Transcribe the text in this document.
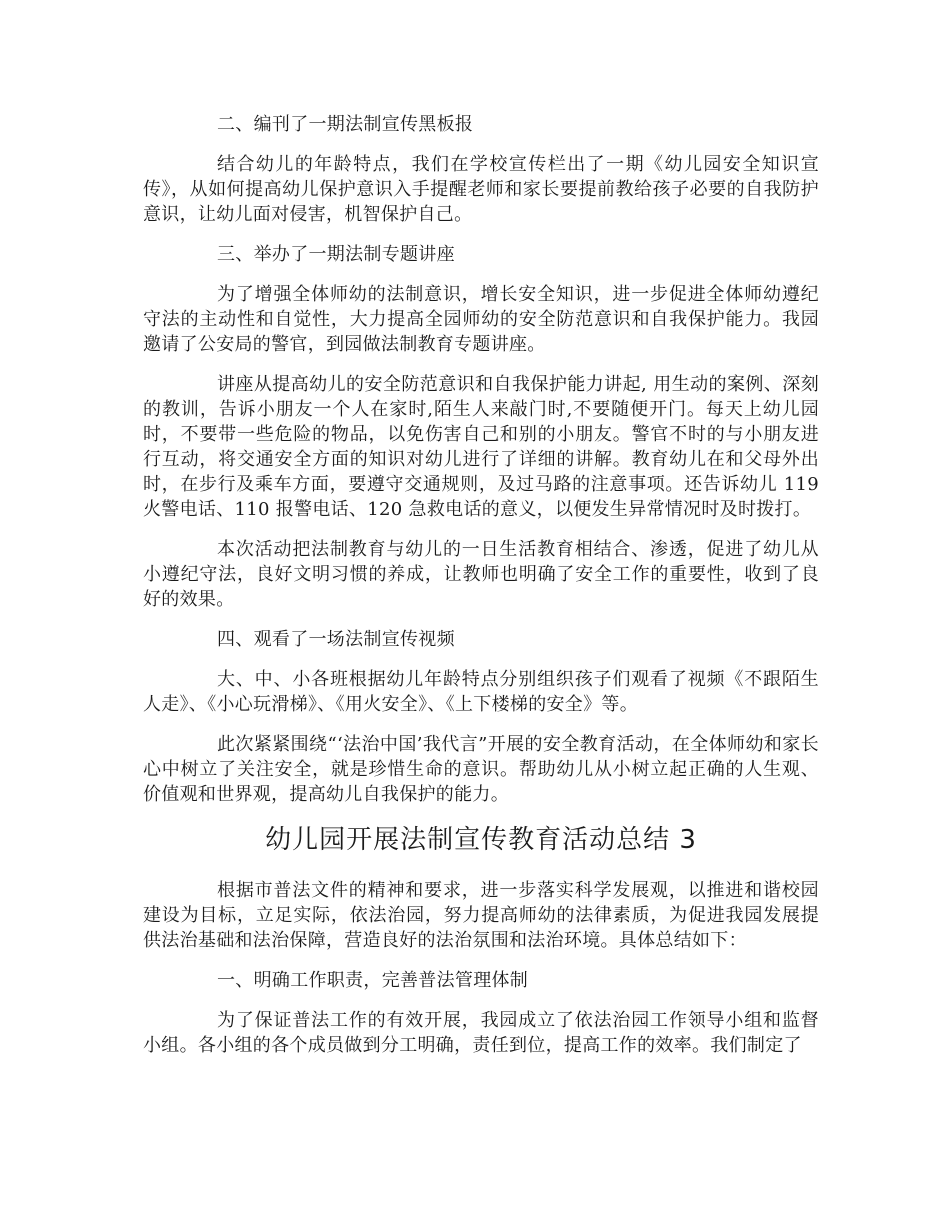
二、编刊了一期法制宣传黑板报

结合幼儿的年龄特点，我们在学校宣传栏出了一期《幼儿园安全知识宣传》，从如何提高幼儿保护意识入手提醒老师和家长要提前教给孩子必要的自我防护意识，让幼儿面对侵害，机智保护自己。

三、举办了一期法制专题讲座

为了增强全体师幼的法制意识，增长安全知识，进一步促进全体师幼遵纪守法的主动性和自觉性，大力提高全园师幼的安全防范意识和自我保护能力。我园邀请了公安局的警官，到园做法制教育专题讲座。

讲座从提高幼儿的安全防范意识和自我保护能力讲起, 用生动的案例、深刻的教训，告诉小朋友一个人在家时,陌生人来敲门时,不要随便开门。每天上幼儿园时，不要带一些危险的物品，以免伤害自己和别的小朋友。警官不时的与小朋友进行互动，将交通安全方面的知识对幼儿进行了详细的讲解。教育幼儿在和父母外出时，在步行及乘车方面，要遵守交通规则，及过马路的注意事项。还告诉幼儿 119 火警电话、110 报警电话、120 急救电话的意义，以便发生异常情况时及时拨打。

本次活动把法制教育与幼儿的一日生活教育相结合、渗透，促进了幼儿从小遵纪守法，良好文明习惯的养成，让教师也明确了安全工作的重要性，收到了良好的效果。

四、观看了一场法制宣传视频

大、中、小各班根据幼儿年龄特点分别组织孩子们观看了视频《不跟陌生人走》、《小心玩滑梯》、《用火安全》、《上下楼梯的安全》等。

此次紧紧围绕“‘法治中国’我代言”开展的安全教育活动，在全体师幼和家长心中树立了关注安全，就是珍惜生命的意识。帮助幼儿从小树立起正确的人生观、价值观和世界观，提高幼儿自我保护的能力。

幼儿园开展法制宣传教育活动总结 3

根据市普法文件的精神和要求，进一步落实科学发展观，以推进和谐校园建设为目标，立足实际，依法治园，努力提高师幼的法律素质，为促进我园发展提供法治基础和法治保障，营造良好的法治氛围和法治环境。具体总结如下：

一、明确工作职责，完善普法管理体制

为了保证普法工作的有效开展，我园成立了依法治园工作领导小组和监督小组。各小组的各个成员做到分工明确，责任到位，提高工作的效率。我们制定了
